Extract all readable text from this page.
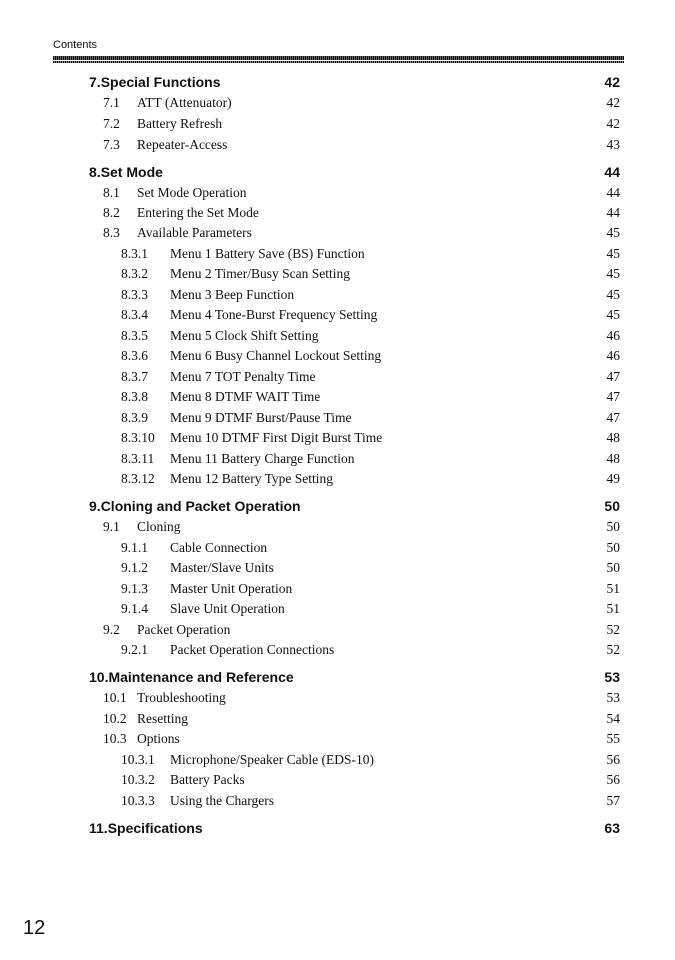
Contents
7. Special Functions	42
7.1	ATT (Attenuator)	42
7.2	Battery Refresh	42
7.3	Repeater-Access	43
8. Set Mode	44
8.1	Set Mode Operation	44
8.2	Entering the Set Mode	44
8.3	Available Parameters	45
8.3.1	Menu 1 Battery Save (BS) Function	45
8.3.2	Menu 2 Timer/Busy Scan Setting	45
8.3.3	Menu 3 Beep Function	45
8.3.4	Menu 4 Tone-Burst Frequency Setting	45
8.3.5	Menu 5 Clock Shift Setting	46
8.3.6	Menu 6 Busy Channel Lockout Setting	46
8.3.7	Menu 7 TOT Penalty Time	47
8.3.8	Menu 8 DTMF WAIT Time	47
8.3.9	Menu 9 DTMF Burst/Pause Time	47
8.3.10	Menu 10 DTMF First Digit Burst Time	48
8.3.11	Menu 11 Battery Charge Function	48
8.3.12	Menu 12 Battery Type Setting	49
9. Cloning and Packet Operation	50
9.1	Cloning	50
9.1.1	Cable Connection	50
9.1.2	Master/Slave Units	50
9.1.3	Master Unit Operation	51
9.1.4	Slave Unit Operation	51
9.2	Packet Operation	52
9.2.1	Packet Operation Connections	52
10. Maintenance and Reference	53
10.1 Troubleshooting	53
10.2 Resetting	54
10.3 Options	55
10.3.1	Microphone/Speaker Cable (EDS-10)	56
10.3.2	Battery Packs	56
10.3.3	Using the Chargers	57
11. Specifications	63
12
